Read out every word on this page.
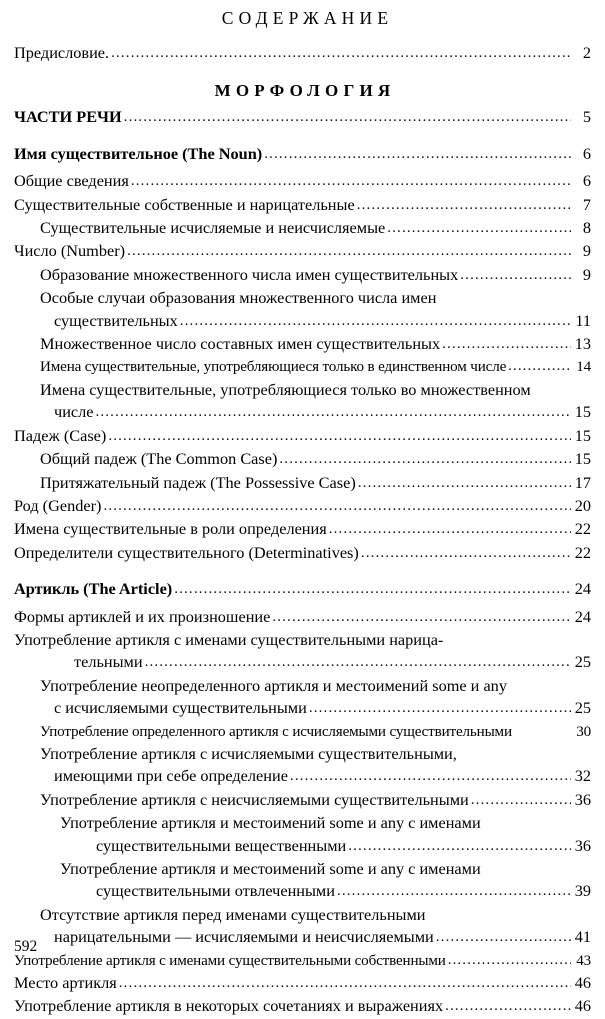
СОДЕРЖАНИЕ
Предисловие. .....	2
МОРФОЛОГИЯ
ЧАСТИ РЕЧИ .....	5
Имя существительное (The Noun) .....	6
Общие сведения .....	6
Существительные собственные и нарицательные .....	7
Существительные исчисляемые и неисчисляемые .....	8
Число (Number) .....	9
Образование множественного числа имен существительных .....	9
Особые случаи образования множественного числа имен
существительных .....	11
Множественное число составных имен существительных .....	13
Имена существительные, употребляющиеся только в единственном числе .....	14
Имена существительные, употребляющиеся только во множественном
числе .....	15
Падеж (Case) .....	15
Общий падеж (The Common Case) .....	15
Притяжательный падеж (The Possessive Case) .....	17
Род (Gender) .....	20
Имена существительные в роли определения .....	22
Определители существительного (Determinatives) .....	22
Артикль (The Article) .....	24
Формы артиклей и их произношение .....	24
Употребление артикля с именами существительными нарица-
тельными .....	25
Употребление неопределенного артикля и местоимений some и any
с исчисляемыми существительными .....	25
Употребление определенного артикля с исчисляемыми существительными	30
Употребление артикля с исчисляемыми существительными,
имеющими при себе определение .....	32
Употребление артикля с неисчисляемыми существительными .....	36
Употребление артикля и местоимений some и any с именами
существительными вещественными .....	36
Употребление артикля и местоимений some и any с именами
существительными отвлеченными .....	39
Отсутствие артикля перед именами существительными
нарицательными — исчисляемыми и неисчисляемыми .....	41
Употребление артикля с именами существительными собственными .....	43
Место артикля .....	46
Употребление артикля в некоторых сочетаниях и выражениях .....	46
592
